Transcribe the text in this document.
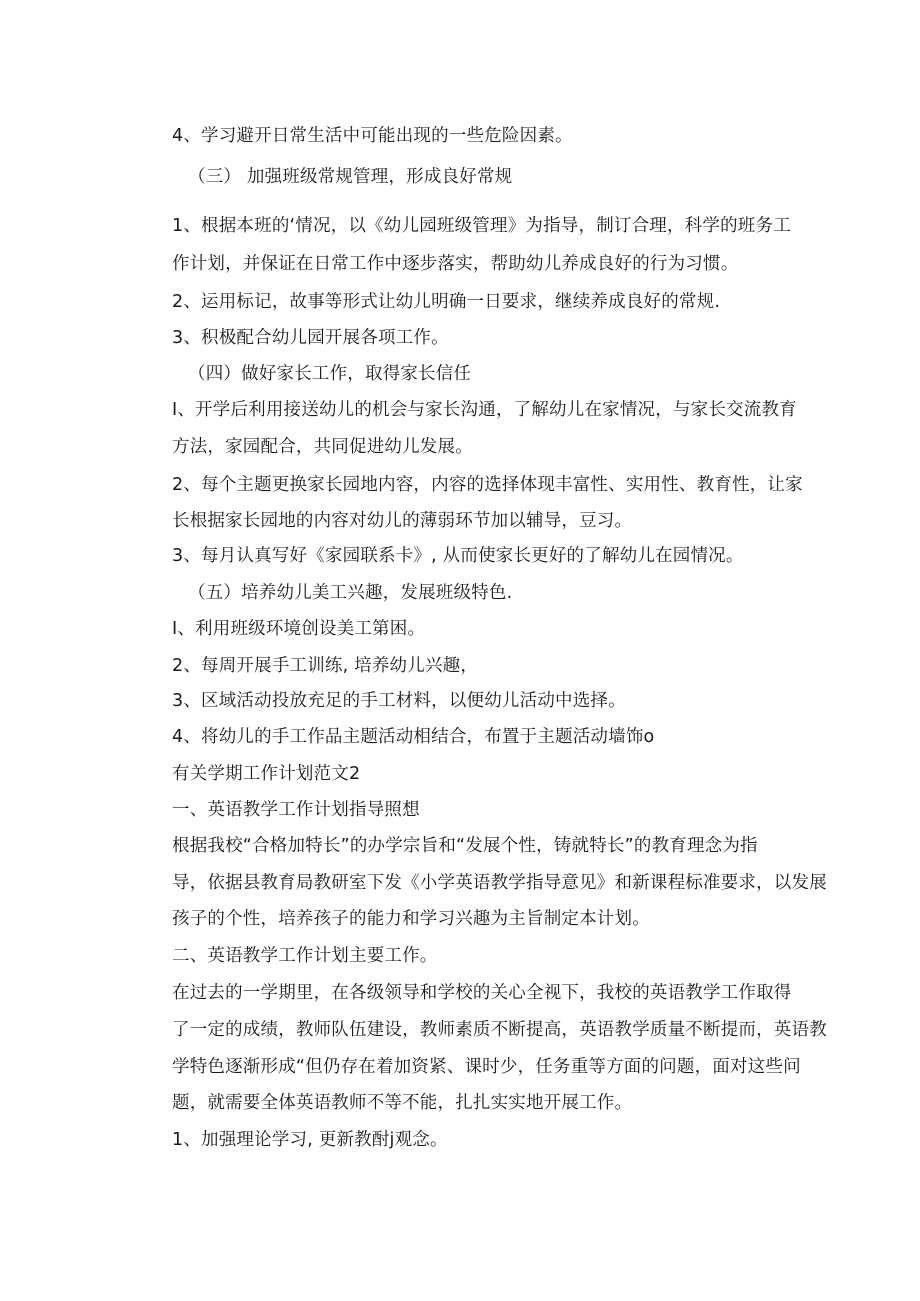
4、学习避开日常生活中可能出现的一些危险因素。
（三） 加强班级常规管理，形成良好常规
1、根据本班的‘情况，以《幼儿园班级管理》为指导，制订合理，科学的班务工
作计划，并保证在日常工作中逐步落实，帮助幼儿养成良好的行为习惯。
2、运用标记，故事等形式让幼儿明确一日要求，继续养成良好的常规.
3、积极配合幼儿园开展各项工作。
（四）做好家长工作，取得家长信任
I、开学后利用接送幼儿的机会与家长沟通，了解幼儿在家情况，与家长交流教育
方法，家园配合，共同促进幼儿发展。
2、每个主题更换家长园地内容，内容的选择体现丰富性、实用性、教育性，让家
长根据家长园地的内容对幼儿的薄弱环节加以辅导，豆习。
3、每月认真写好《家园联系卡》, 从而使家长更好的了解幼儿在园情况。
（五）培养幼儿美工兴趣，发展班级特色.
I、利用班级环境创设美工第困。
2、每周开展手工训练, 培养幼儿兴趣，
3、区域活动投放充足的手工材料，以便幼儿活动中选择。
4、将幼儿的手工作品主题活动相结合，布置于主题活动墙饰o
有关学期工作计划范文2
一、英语教学工作计划指导照想
根据我校“合格加特长”的办学宗旨和“发展个性，铸就特长”的教育理念为指
导，依据县教育局教研室下发《小学英语教学指导意见》和新课程标准要求，以发展
孩子的个性，培养孩子的能力和学习兴趣为主旨制定本计划。
二、英语教学工作计划主要工作。
在过去的一学期里，在各级领导和学校的关心全视下，我校的英语教学工作取得
了一定的成绩，教师队伍建设，教师素质不断提高，英语教学质量不断提而，英语教
学特色逐渐形成“但仍存在着加资紧、课时少，任务重等方面的问题，面对这些问
题，就需要全体英语教师不等不能，扎扎实实地开展工作。
1、加强理论学习, 更新教酎j观念。
